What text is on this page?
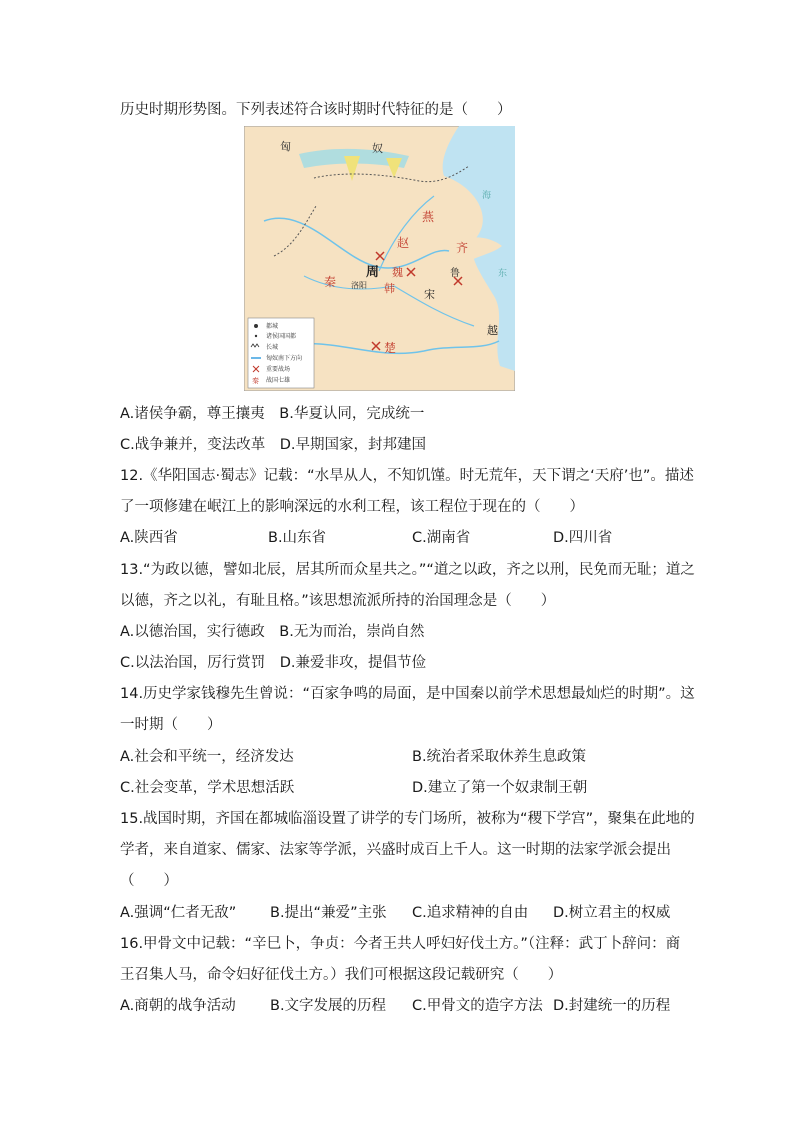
历史时期形势图。下列表述符合该时期时代特征的是（　　）
匈	奴
燕
赵	齐
周 魏
韩
秦
宋
鲁
越
楚
洛阳
海
东
都城
诸侯国国都
长城
匈奴南下方向
重要战场
秦 战国七雄
A.诸侯争霸，尊王攘夷　B.华夏认同，完成统一
C.战争兼并，变法改革　D.早期国家，封邦建国
12.《华阳国志·蜀志》记载：“水旱从人，不知饥馑。时无荒年，天下谓之‘天府’也”。描述
了一项修建在岷江上的影响深远的水利工程，该工程位于现在的（　　）
A.陕西省	B.山东省	C.湖南省	D.四川省
13.“为政以德，譬如北辰，居其所而众星共之。”“道之以政，齐之以刑，民免而无耻；道之
以德，齐之以礼，有耻且格。”该思想流派所持的治国理念是（　　）
A.以德治国，实行德政　B.无为而治，崇尚自然
C.以法治国，厉行赏罚　D.兼爱非攻，提倡节俭
14.历史学家钱穆先生曾说：“百家争鸣的局面，是中国秦以前学术思想最灿烂的时期”。这
一时期（　　）
A.社会和平统一，经济发达	B.统治者采取休养生息政策
C.社会变革，学术思想活跃	D.建立了第一个奴隶制王朝
15.战国时期，齐国在都城临淄设置了讲学的专门场所，被称为“稷下学宫”，聚集在此地的
学者，来自道家、儒家、法家等学派，兴盛时成百上千人。这一时期的法家学派会提出
（　　）
A.强调“仁者无敌” B.提出“兼爱”主张 C.追求精神的自由 D.树立君主的权威
16.甲骨文中记载：“辛巳卜，争贞：今者王共人呼妇好伐土方。”（注释：武丁卜辞问：商
王召集人马，命令妇好征伐土方。）我们可根据这段记载研究（　　）
A.商朝的战争活动 B.文字发展的历程 C.甲骨文的造字方法 D.封建统一的历程
